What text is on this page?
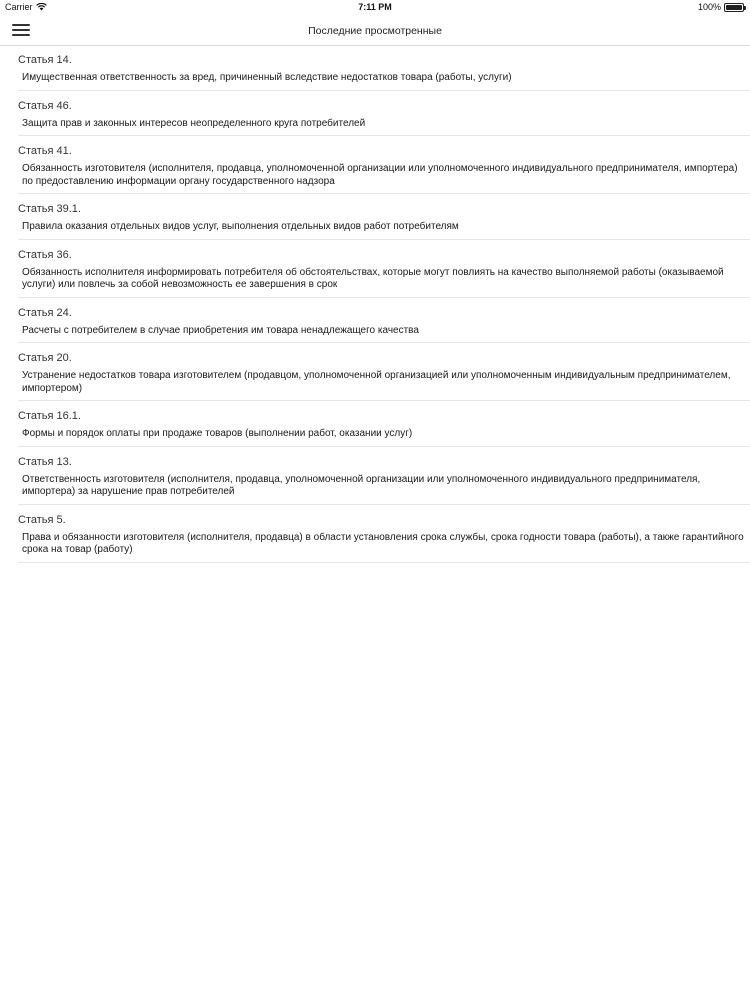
Carrier	7:11 PM	100%
Последние просмотренные
Статья 14.
Имущественная ответственность за вред, причиненный вследствие недостатков товара (работы, услуги)
Статья 46.
Защита прав и законных интересов неопределенного круга потребителей
Статья 41.
Обязанность изготовителя (исполнителя, продавца, уполномоченной организации или уполномоченного индивидуального предпринимателя, импортера) по предоставлению информации органу государственного надзора
Статья 39.1.
Правила оказания отдельных видов услуг, выполнения отдельных видов работ потребителям
Статья 36.
Обязанность исполнителя информировать потребителя об обстоятельствах, которые могут повлиять на качество выполняемой работы (оказываемой услуги) или повлечь за собой невозможность ее завершения в срок
Статья 24.
Расчеты с потребителем в случае приобретения им товара ненадлежащего качества
Статья 20.
Устранение недостатков товара изготовителем (продавцом, уполномоченной организацией или уполномоченным индивидуальным предпринимателем, импортером)
Статья 16.1.
Формы и порядок оплаты при продаже товаров (выполнении работ, оказании услуг)
Статья 13.
Ответственность изготовителя (исполнителя, продавца, уполномоченной организации или уполномоченного индивидуального предпринимателя, импортера) за нарушение прав потребителей
Статья 5.
Права и обязанности изготовителя (исполнителя, продавца) в области установления срока службы, срока годности товара (работы), а также гарантийного срока на товар (работу)
